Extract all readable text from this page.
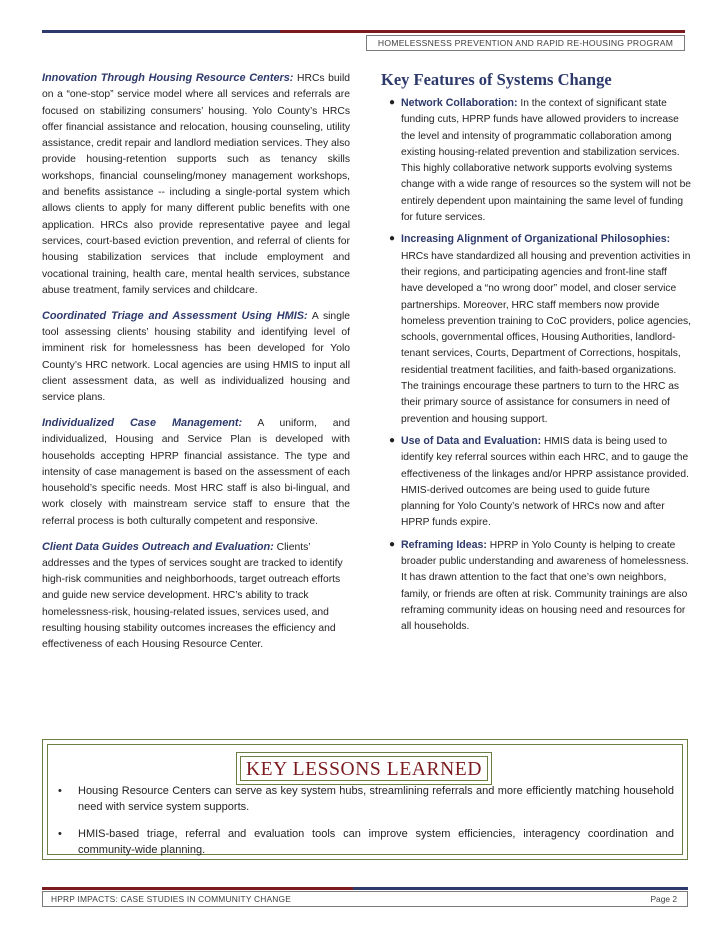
HOMELESSNESS PREVENTION AND RAPID RE-HOUSING PROGRAM

Innovation Through Housing Resource Centers: HRCs build on a “one-stop” service model where all services and referrals are focused on stabilizing consumers’ housing. Yolo County’s HRCs offer financial assistance and relocation, housing counseling, utility assistance, credit repair and landlord mediation services. They also provide housing-retention supports such as tenancy skills workshops, financial counseling/money management workshops, and benefits assistance -- including a single-portal system which allows clients to apply for many different public benefits with one application. HRCs also provide representative payee and legal services, court-based eviction prevention, and referral of clients for housing stabilization services that include employment and vocational training, health care, mental health services, substance abuse treatment, family services and childcare.

Coordinated Triage and Assessment Using HMIS: A single tool assessing clients’ housing stability and identifying level of imminent risk for homelessness has been developed for Yolo County’s HRC network. Local agencies are using HMIS to input all client assessment data, as well as individualized housing and service plans.

Individualized Case Management: A uniform, and individualized, Housing and Service Plan is developed with households accepting HPRP financial assistance. The type and intensity of case management is based on the assessment of each household’s specific needs. Most HRC staff is also bi-lingual, and work closely with mainstream service staff to ensure that the referral process is both culturally competent and responsive.

Client Data Guides Outreach and Evaluation: Clients’ addresses and the types of services sought are tracked to identify high-risk communities and neighborhoods, target outreach efforts and guide new service development. HRC’s ability to track homelessness-risk, housing-related issues, services used, and resulting housing stability outcomes increases the efficiency and effectiveness of each Housing Resource Center.

Key Features of Systems Change
● Network Collaboration: In the context of significant state funding cuts, HPRP funds have allowed providers to increase the level and intensity of programmatic collaboration among existing housing-related prevention and stabilization services. This highly collaborative network supports evolving systems change with a wide range of resources so the system will not be entirely dependent upon maintaining the same level of funding for future services.
● Increasing Alignment of Organizational Philosophies: HRCs have standardized all housing and prevention activities in their regions, and participating agencies and front-line staff have developed a “no wrong door” model, and closer service partnerships. Moreover, HRC staff members now provide homeless prevention training to CoC providers, police agencies, schools, governmental offices, Housing Authorities, landlord-tenant services, Courts, Department of Corrections, hospitals, residential treatment facilities, and faith-based organizations. The trainings encourage these partners to turn to the HRC as their primary source of assistance for consumers in need of prevention and housing support.
● Use of Data and Evaluation: HMIS data is being used to identify key referral sources within each HRC, and to gauge the effectiveness of the linkages and/or HPRP assistance provided. HMIS-derived outcomes are being used to guide future planning for Yolo County’s network of HRCs now and after HPRP funds expire.
● Reframing Ideas: HPRP in Yolo County is helping to create broader public understanding and awareness of homelessness. It has drawn attention to the fact that one’s own neighbors, family, or friends are often at risk. Community trainings are also reframing community ideas on housing need and resources for all households.
KEY LESSONS LEARNED
• Housing Resource Centers can serve as key system hubs, streamlining referrals and more efficiently matching household need with service system supports.
• HMIS-based triage, referral and evaluation tools can improve system efficiencies, interagency coordination and community-wide planning.
HPRP IMPACTS: CASE STUDIES IN COMMUNITY CHANGE	Page 2
